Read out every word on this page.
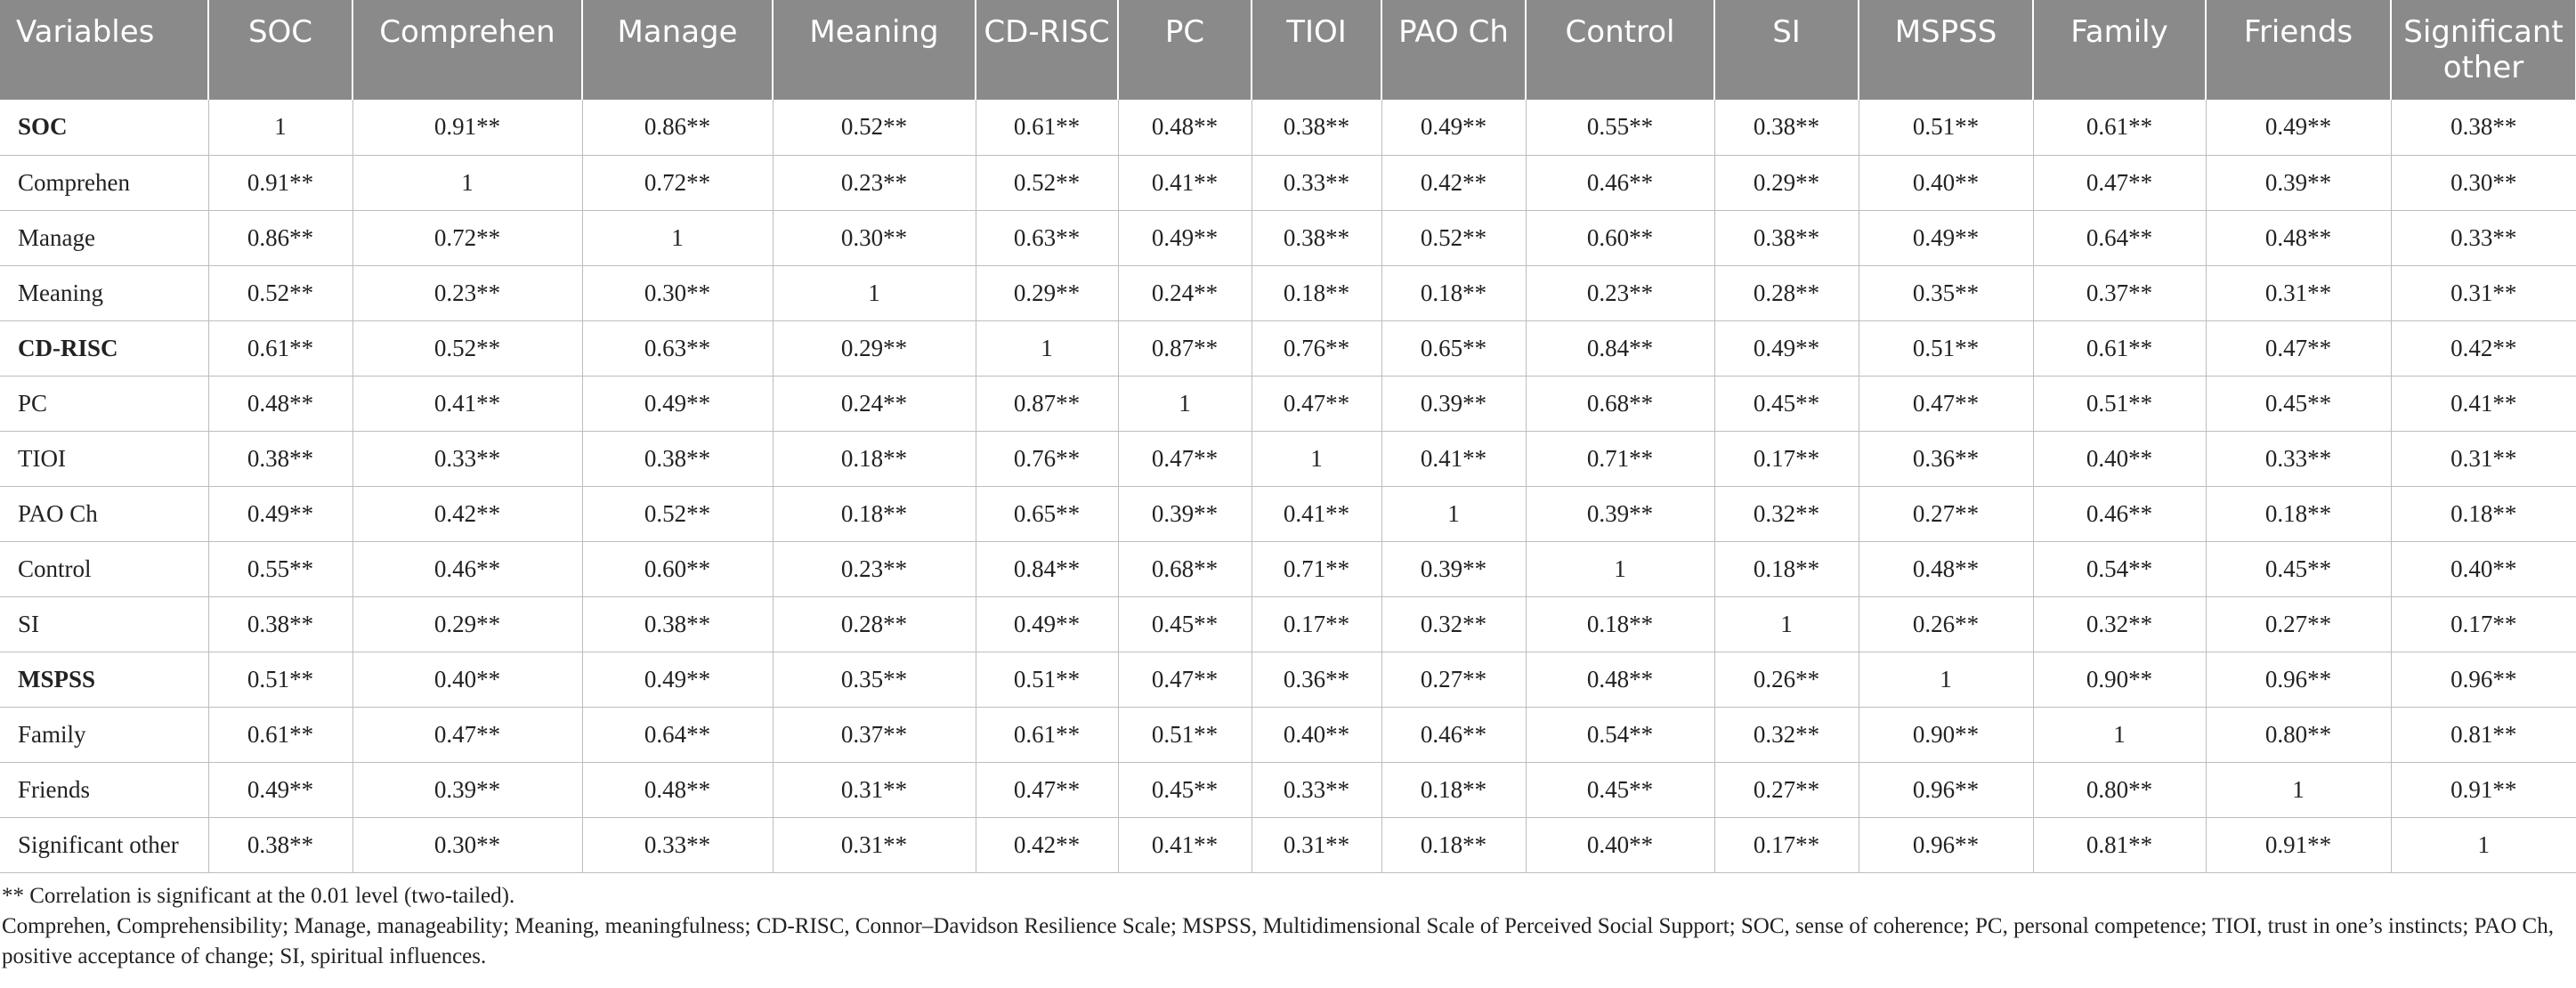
Variables	SOC	Comprehen	Manage	Meaning	CD-RISC	PC	TIOI	PAO Ch	Control	SI	MSPSS	Family	Friends	Significant other
SOC	1	0.91**	0.86**	0.52**	0.61**	0.48**	0.38**	0.49**	0.55**	0.38**	0.51**	0.61**	0.49**	0.38**
Comprehen	0.91**	1	0.72**	0.23**	0.52**	0.41**	0.33**	0.42**	0.46**	0.29**	0.40**	0.47**	0.39**	0.30**
Manage	0.86**	0.72**	1	0.30**	0.63**	0.49**	0.38**	0.52**	0.60**	0.38**	0.49**	0.64**	0.48**	0.33**
Meaning	0.52**	0.23**	0.30**	1	0.29**	0.24**	0.18**	0.18**	0.23**	0.28**	0.35**	0.37**	0.31**	0.31**
CD-RISC	0.61**	0.52**	0.63**	0.29**	1	0.87**	0.76**	0.65**	0.84**	0.49**	0.51**	0.61**	0.47**	0.42**
PC	0.48**	0.41**	0.49**	0.24**	0.87**	1	0.47**	0.39**	0.68**	0.45**	0.47**	0.51**	0.45**	0.41**
TIOI	0.38**	0.33**	0.38**	0.18**	0.76**	0.47**	1	0.41**	0.71**	0.17**	0.36**	0.40**	0.33**	0.31**
PAO Ch	0.49**	0.42**	0.52**	0.18**	0.65**	0.39**	0.41**	1	0.39**	0.32**	0.27**	0.46**	0.18**	0.18**
Control	0.55**	0.46**	0.60**	0.23**	0.84**	0.68**	0.71**	0.39**	1	0.18**	0.48**	0.54**	0.45**	0.40**
SI	0.38**	0.29**	0.38**	0.28**	0.49**	0.45**	0.17**	0.32**	0.18**	1	0.26**	0.32**	0.27**	0.17**
MSPSS	0.51**	0.40**	0.49**	0.35**	0.51**	0.47**	0.36**	0.27**	0.48**	0.26**	1	0.90**	0.96**	0.96**
Family	0.61**	0.47**	0.64**	0.37**	0.61**	0.51**	0.40**	0.46**	0.54**	0.32**	0.90**	1	0.80**	0.81**
Friends	0.49**	0.39**	0.48**	0.31**	0.47**	0.45**	0.33**	0.18**	0.45**	0.27**	0.96**	0.80**	1	0.91**
Significant other	0.38**	0.30**	0.33**	0.31**	0.42**	0.41**	0.31**	0.18**	0.40**	0.17**	0.96**	0.81**	0.91**	1

** Correlation is significant at the 0.01 level (two-tailed).

Comprehen, Comprehensibility; Manage, manageability; Meaning, meaningfulness; CD-RISC, Connor–Davidson Resilience Scale; MSPSS, Multidimensional Scale of Perceived Social Support; SOC, sense of coherence; PC, personal competence; TIOI, trust in one’s instincts; PAO Ch, positive acceptance of change; SI, spiritual influences.
